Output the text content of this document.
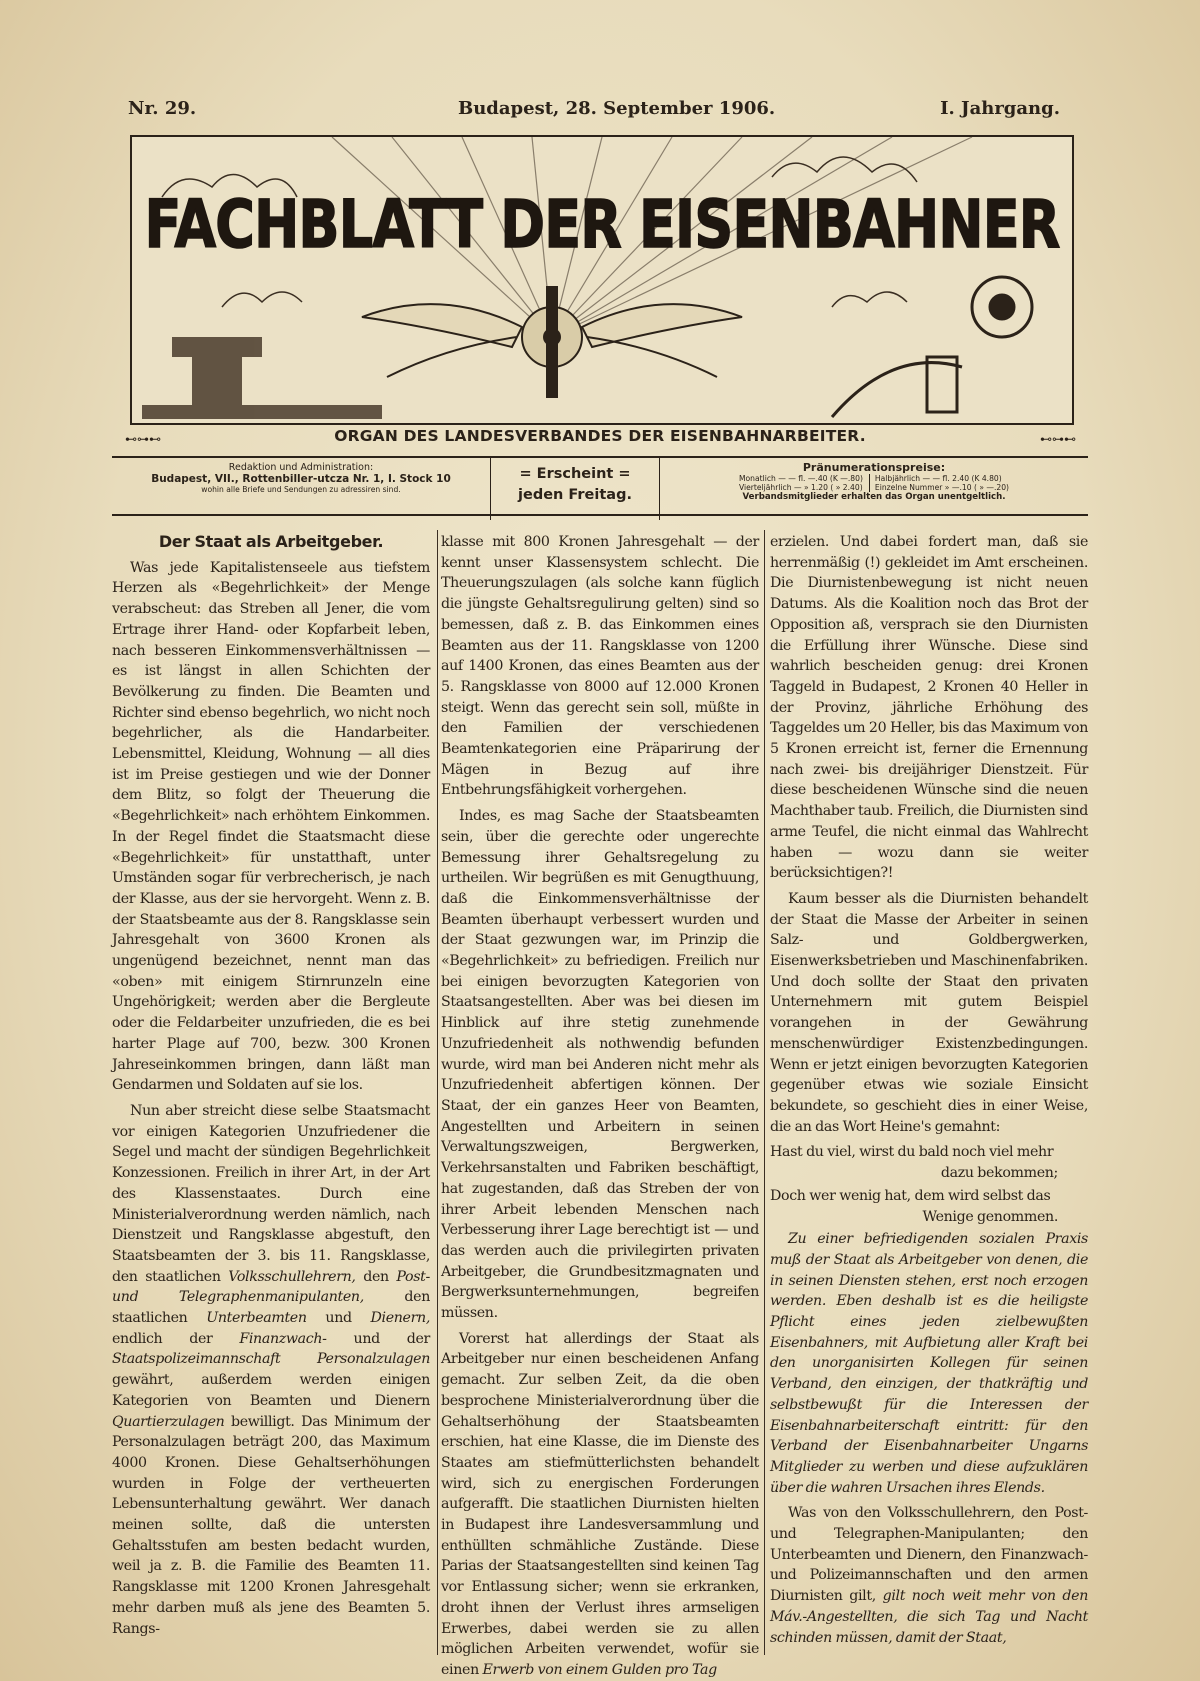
Nr. 29.	Budapest, 28. September 1906.	I. Jahrgang.
FACHBLATT DER EISENBAHNER
⊷⊶⊷	ORGAN DES LANDESVERBANDES DER EISENBAHNARBEITER.	⊷⊶⊷
Redaktion und Administration:
Budapest, VII., Rottenbiller-utcza Nr. 1, I. Stock 10
wohin alle Briefe und Sendungen zu adressiren sind.
= Erscheint =
jeden Freitag.
Pränumerationspreise:
Monatlich — — fl. —.40 (K —.80)
Vierteljährlich — » 1.20 ( » 2.40)
Halbjährlich — — fl. 2.40 (K 4.80)
Einzelne Nummer » —.10 ( » —.20)
Verbandsmitglieder erhalten das Organ unentgeltlich.

Der Staat als Arbeitgeber.

Was jede Kapitalistenseele aus tiefstem Herzen als «Begehrlichkeit» der Menge verabscheut: das Streben all Jener, die vom Ertrage ihrer Hand- oder Kopfarbeit leben, nach besseren Einkommensverhältnissen — es ist längst in allen Schichten der Bevölkerung zu finden. Die Beamten und Richter sind ebenso begehrlich, wo nicht noch begehrlicher, als die Handarbeiter. Lebensmittel, Kleidung, Wohnung — all dies ist im Preise gestiegen und wie der Donner dem Blitz, so folgt der Theuerung die «Begehrlichkeit» nach erhöhtem Einkommen. In der Regel findet die Staatsmacht diese «Begehrlichkeit» für unstatthaft, unter Umständen sogar für verbrecherisch, je nach der Klasse, aus der sie hervorgeht. Wenn z. B. der Staatsbeamte aus der 8. Rangsklasse sein Jahresgehalt von 3600 Kronen als ungenügend bezeichnet, nennt man das «oben» mit einigem Stirnrunzeln eine Ungehörigkeit; werden aber die Bergleute oder die Feldarbeiter unzufrieden, die es bei harter Plage auf 700, bezw. 300 Kronen Jahreseinkommen bringen, dann läßt man Gendarmen und Soldaten auf sie los.

Nun aber streicht diese selbe Staatsmacht vor einigen Kategorien Unzufriedener die Segel und macht der sündigen Begehrlichkeit Konzessionen. Freilich in ihrer Art, in der Art des Klassenstaates. Durch eine Ministerialverordnung werden nämlich, nach Dienstzeit und Rangsklasse abgestuft, den Staatsbeamten der 3. bis 11. Rangsklasse, den staatlichen Volksschullehrern, den Post- und Telegraphenmanipulanten,	den staatlichen Unterbeamten und Dienern, endlich der Finanzwach- und der Staatspolizeimannschaft Personalzulagen gewährt, außerdem werden einigen Kategorien von Beamten und Dienern Quartierzulagen bewilligt. Das Minimum der Personalzulagen beträgt 200, das Maximum 4000 Kronen. Diese Gehaltserhöhungen wurden in Folge der vertheuerten Lebensunterhaltung gewährt. Wer danach meinen sollte, daß die untersten Gehaltsstufen am besten bedacht wurden, weil ja z. B. die Familie des Beamten 11. Rangsklasse mit 1200 Kronen Jahresgehalt mehr darben muß als jene des Beamten 5. Rangs-

klasse mit 800 Kronen Jahresgehalt — der kennt unser Klassensystem schlecht. Die Theuerungszulagen (als solche kann füglich die jüngste Gehaltsregulirung gelten) sind so bemessen, daß z. B. das Einkommen eines Beamten aus der 11. Rangsklasse von 1200 auf 1400 Kronen, das eines Beamten aus der 5. Rangsklasse von 8000 auf 12.000 Kronen steigt. Wenn das gerecht sein soll, müßte in den Familien der verschiedenen Beamtenkategorien eine Präparirung der Mägen in Bezug auf ihre Entbehrungsfähigkeit vorhergehen.

Indes, es mag Sache der Staatsbeamten sein, über die gerechte oder ungerechte Bemessung ihrer Gehaltsregelung zu urtheilen. Wir begrüßen es mit Genugthuung, daß die Einkommensverhältnisse der Beamten überhaupt verbessert wurden und der Staat gezwungen war, im Prinzip die «Begehrlichkeit» zu befriedigen. Freilich nur bei einigen bevorzugten Kategorien von Staatsangestellten. Aber was bei diesen im Hinblick auf ihre stetig zunehmende Unzufriedenheit als nothwendig befunden wurde, wird man bei Anderen nicht mehr als Unzufriedenheit abfertigen können. Der Staat, der ein ganzes Heer von Beamten, Angestellten und Arbeitern in seinen Verwaltungszweigen, Bergwerken, Verkehrsanstalten und Fabriken beschäftigt, hat zugestanden, daß das Streben der von ihrer Arbeit lebenden Menschen nach Verbesserung ihrer Lage berechtigt ist — und das werden auch die privilegirten privaten Arbeitgeber, die Grundbesitzmagnaten und Bergwerksunternehmungen, begreifen müssen.

Vorerst hat allerdings der Staat als Arbeitgeber nur einen bescheidenen Anfang gemacht. Zur selben Zeit, da die oben besprochene Ministerialverordnung über die Gehaltserhöhung der Staatsbeamten erschien, hat eine Klasse, die im Dienste des Staates am stiefmütterlichsten behandelt wird, sich zu energischen Forderungen aufgerafft. Die staatlichen Diurnisten hielten in Budapest ihre Landesversammlung und enthüllten schmähliche Zustände. Diese Parias der Staatsangestellten sind keinen Tag vor Entlassung sicher; wenn sie erkranken, droht ihnen der Verlust ihres armseligen Erwerbes, dabei werden sie zu allen möglichen Arbeiten verwendet, wofür sie einen Erwerb von einem Gulden pro Tag

erzielen. Und dabei fordert man, daß sie herrenmäßig (!) gekleidet im Amt erscheinen. Die Diurnistenbewegung ist nicht neuen Datums. Als die Koalition noch das Brot der Opposition aß, versprach sie den Diurnisten die Erfüllung ihrer Wünsche. Diese sind wahrlich bescheiden genug: drei Kronen Taggeld in Budapest, 2 Kronen 40 Heller in der Provinz, jährliche Erhöhung des Taggeldes um 20 Heller, bis das Maximum von 5 Kronen erreicht ist, ferner die Ernennung nach zwei- bis dreijähriger Dienstzeit. Für diese bescheidenen Wünsche sind die neuen Machthaber taub. Freilich, die Diurnisten sind arme Teufel, die nicht einmal das Wahlrecht haben — wozu dann sie weiter berücksichtigen?!

Kaum besser als die Diurnisten behandelt der Staat die Masse der Arbeiter in seinen Salz- und Goldbergwerken, Eisenwerksbetrieben und Maschinenfabriken. Und doch sollte der Staat den privaten Unternehmern mit gutem Beispiel vorangehen in der Gewährung menschenwürdiger Existenzbedingungen. Wenn er jetzt einigen bevorzugten Kategorien gegenüber etwas wie soziale Einsicht bekundete, so geschieht dies in einer Weise, die an das Wort Heine's gemahnt:

Hast du viel, wirst du bald noch viel mehr
dazu bekommen;

Doch wer wenig hat, dem wird selbst das
Wenige genommen.

Zu einer befriedigenden sozialen Praxis muß der Staat als Arbeitgeber von denen, die in seinen Diensten stehen, erst noch erzogen werden. Eben deshalb ist es die heiligste Pflicht eines jeden zielbewußten Eisenbahners, mit Aufbietung aller Kraft bei den unorganisirten Kollegen für seinen Verband, den einzigen, der thatkräftig und selbstbewußt für die Interessen der Eisenbahnarbeiterschaft eintritt: für den Verband der Eisenbahnarbeiter Ungarns Mitglieder zu werben und diese aufzuklären über die wahren Ursachen ihres Elends.

Was von den Volksschullehrern, den Post- und Telegraphen-Manipulanten; den Unterbeamten und Dienern, den Finanzwach- und Polizeimannschaften und den armen Diurnisten gilt, gilt noch weit mehr von den Máv.-Angestellten, die sich Tag und Nacht schinden müssen, damit der Staat,
